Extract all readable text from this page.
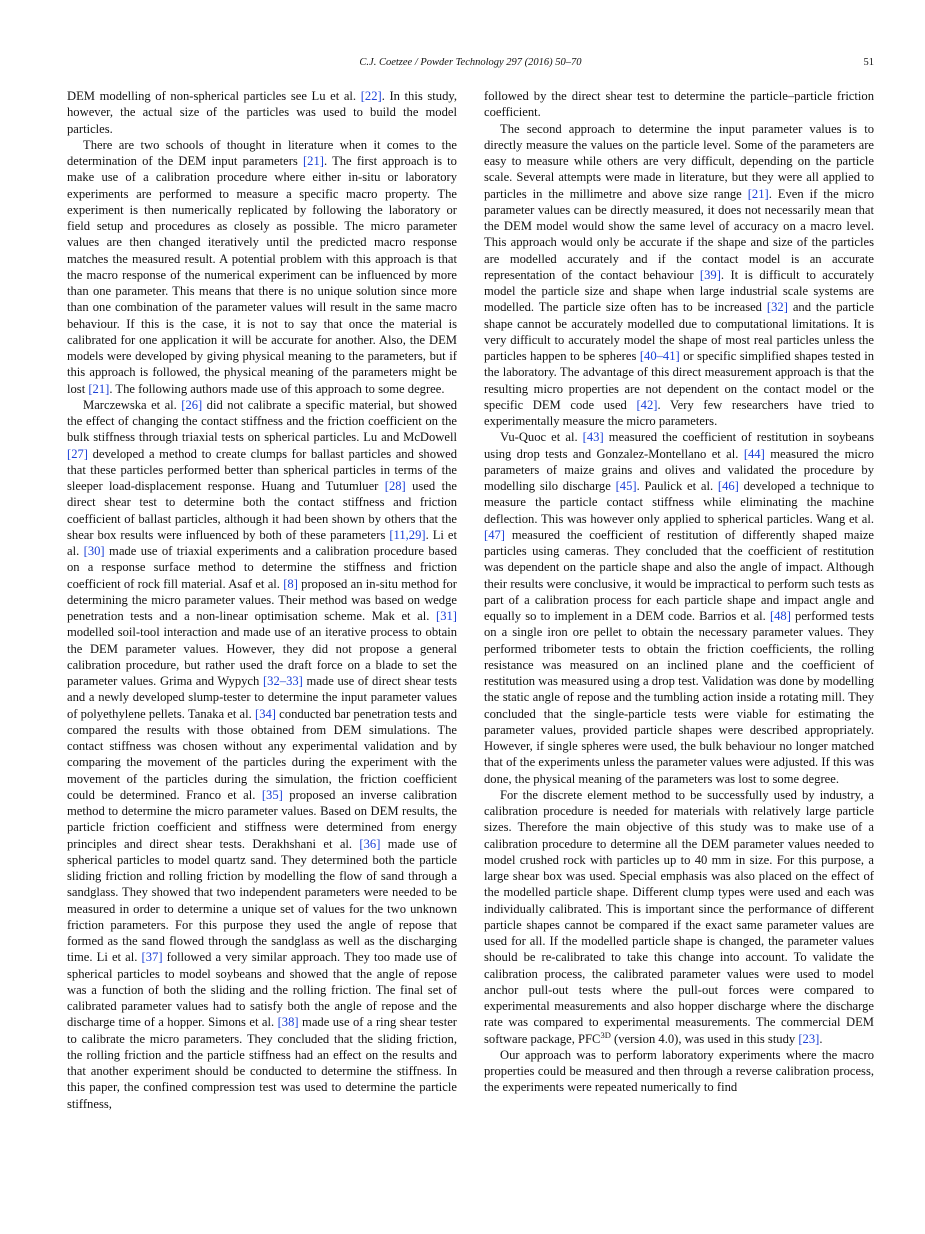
C.J. Coetzee / Powder Technology 297 (2016) 50–70	51

DEM modelling of non-spherical particles see Lu et al. [22]. In this study, however, the actual size of the particles was used to build the model particles.

There are two schools of thought in literature when it comes to the determination of the DEM input parameters [21]. The first approach is to make use of a calibration procedure where either in-situ or laboratory experiments are performed to measure a specific macro property. The experiment is then numerically replicated by following the laboratory or field setup and procedures as closely as possible. The micro parameter values are then changed iteratively until the predicted macro response matches the measured result. A potential problem with this approach is that the macro response of the numerical experiment can be influenced by more than one parameter. This means that there is no unique solution since more than one combination of the parameter values will result in the same macro behaviour. If this is the case, it is not to say that once the material is calibrated for one application it will be accurate for another. Also, the DEM models were developed by giving physical meaning to the parameters, but if this approach is followed, the physical meaning of the parameters might be lost [21]. The following authors made use of this approach to some degree.

Marczewska et al. [26] did not calibrate a specific material, but showed the effect of changing the contact stiffness and the friction coefficient on the bulk stiffness through triaxial tests on spherical particles. Lu and McDowell [27] developed a method to create clumps for ballast particles and showed that these particles performed better than spherical particles in terms of the sleeper load-displacement response. Huang and Tutumluer [28] used the direct shear test to determine both the contact stiffness and friction coefficient of ballast particles, although it had been shown by others that the shear box results were influenced by both of these parameters [11,29]. Li et al. [30] made use of triaxial experiments and a calibration procedure based on a response surface method to determine the stiffness and friction coefficient of rock fill material. Asaf et al. [8] proposed an in-situ method for determining the micro parameter values. Their method was based on wedge penetration tests and a non-linear optimisation scheme. Mak et al. [31] modelled soil-tool interaction and made use of an iterative process to obtain the DEM parameter values. However, they did not propose a general calibration procedure, but rather used the draft force on a blade to set the parameter values. Grima and Wypych [32–33] made use of direct shear tests and a newly developed slump-tester to determine the input parameter values of polyethylene pellets. Tanaka et al. [34] conducted bar penetration tests and compared the results with those obtained from DEM simulations. The contact stiffness was chosen without any experimental validation and by comparing the movement of the particles during the experiment with the movement of the particles during the simulation, the friction coefficient could be determined. Franco et al. [35] proposed an inverse calibration method to determine the micro parameter values. Based on DEM results, the particle friction coefficient and stiffness were determined from energy principles and direct shear tests. Derakhshani et al. [36] made use of spherical particles to model quartz sand. They determined both the particle sliding friction and rolling friction by modelling the flow of sand through a sandglass. They showed that two independent parameters were needed to be measured in order to determine a unique set of values for the two unknown friction parameters. For this purpose they used the angle of repose that formed as the sand flowed through the sandglass as well as the discharging time. Li et al. [37] followed a very similar approach. They too made use of spherical particles to model soybeans and showed that the angle of repose was a function of both the sliding and the rolling friction. The final set of calibrated parameter values had to satisfy both the angle of repose and the discharge time of a hopper. Simons et al. [38] made use of a ring shear tester to calibrate the micro parameters. They concluded that the sliding friction, the rolling friction and the particle stiffness had an effect on the results and that another experiment should be conducted to determine the stiffness. In this paper, the confined compression test was used to determine the particle stiffness,

followed by the direct shear test to determine the particle–particle friction coefficient.

The second approach to determine the input parameter values is to directly measure the values on the particle level. Some of the parameters are easy to measure while others are very difficult, depending on the particle scale. Several attempts were made in literature, but they were all applied to particles in the millimetre and above size range [21]. Even if the micro parameter values can be directly measured, it does not necessarily mean that the DEM model would show the same level of accuracy on a macro level. This approach would only be accurate if the shape and size of the particles are modelled accurately and if the contact model is an accurate representation of the contact behaviour [39]. It is difficult to accurately model the particle size and shape when large industrial scale systems are modelled. The particle size often has to be increased [32] and the particle shape cannot be accurately modelled due to computational limitations. It is very difficult to accurately model the shape of most real particles unless the particles happen to be spheres [40–41] or specific simplified shapes tested in the laboratory. The advantage of this direct measurement approach is that the resulting micro properties are not dependent on the contact model or the specific DEM code used [42]. Very few researchers have tried to experimentally measure the micro parameters.

Vu-Quoc et al. [43] measured the coefficient of restitution in soybeans using drop tests and Gonzalez-Montellano et al. [44] measured the micro parameters of maize grains and olives and validated the procedure by modelling silo discharge [45]. Paulick et al. [46] developed a technique to measure the particle contact stiffness while eliminating the machine deflection. This was however only applied to spherical particles. Wang et al. [47] measured the coefficient of restitution of differently shaped maize particles using cameras. They concluded that the coefficient of restitution was dependent on the particle shape and also the angle of impact. Although their results were conclusive, it would be impractical to perform such tests as part of a calibration process for each particle shape and impact angle and equally so to implement in a DEM code. Barrios et al. [48] performed tests on a single iron ore pellet to obtain the necessary parameter values. They performed tribometer tests to obtain the friction coefficients, the rolling resistance was measured on an inclined plane and the coefficient of restitution was measured using a drop test. Validation was done by modelling the static angle of repose and the tumbling action inside a rotating mill. They concluded that the single-particle tests were viable for estimating the parameter values, provided particle shapes were described appropriately. However, if single spheres were used, the bulk behaviour no longer matched that of the experiments unless the parameter values were adjusted. If this was done, the physical meaning of the parameters was lost to some degree.

For the discrete element method to be successfully used by industry, a calibration procedure is needed for materials with relatively large particle sizes. Therefore the main objective of this study was to make use of a calibration procedure to determine all the DEM parameter values needed to model crushed rock with particles up to 40 mm in size. For this purpose, a large shear box was used. Special emphasis was also placed on the effect of the modelled particle shape. Different clump types were used and each was individually calibrated. This is important since the performance of different particle shapes cannot be compared if the exact same parameter values are used for all. If the modelled particle shape is changed, the parameter values should be re-calibrated to take this change into account. To validate the calibration process, the calibrated parameter values were used to model anchor pull-out tests where the pull-out forces were compared to experimental measurements and also hopper discharge where the discharge rate was compared to experimental measurements. The commercial DEM software package, $PFC^{3D}$ (version 4.0), was used in this study [23].

Our approach was to perform laboratory experiments where the macro properties could be measured and then through a reverse calibration process, the experiments were repeated numerically to find
